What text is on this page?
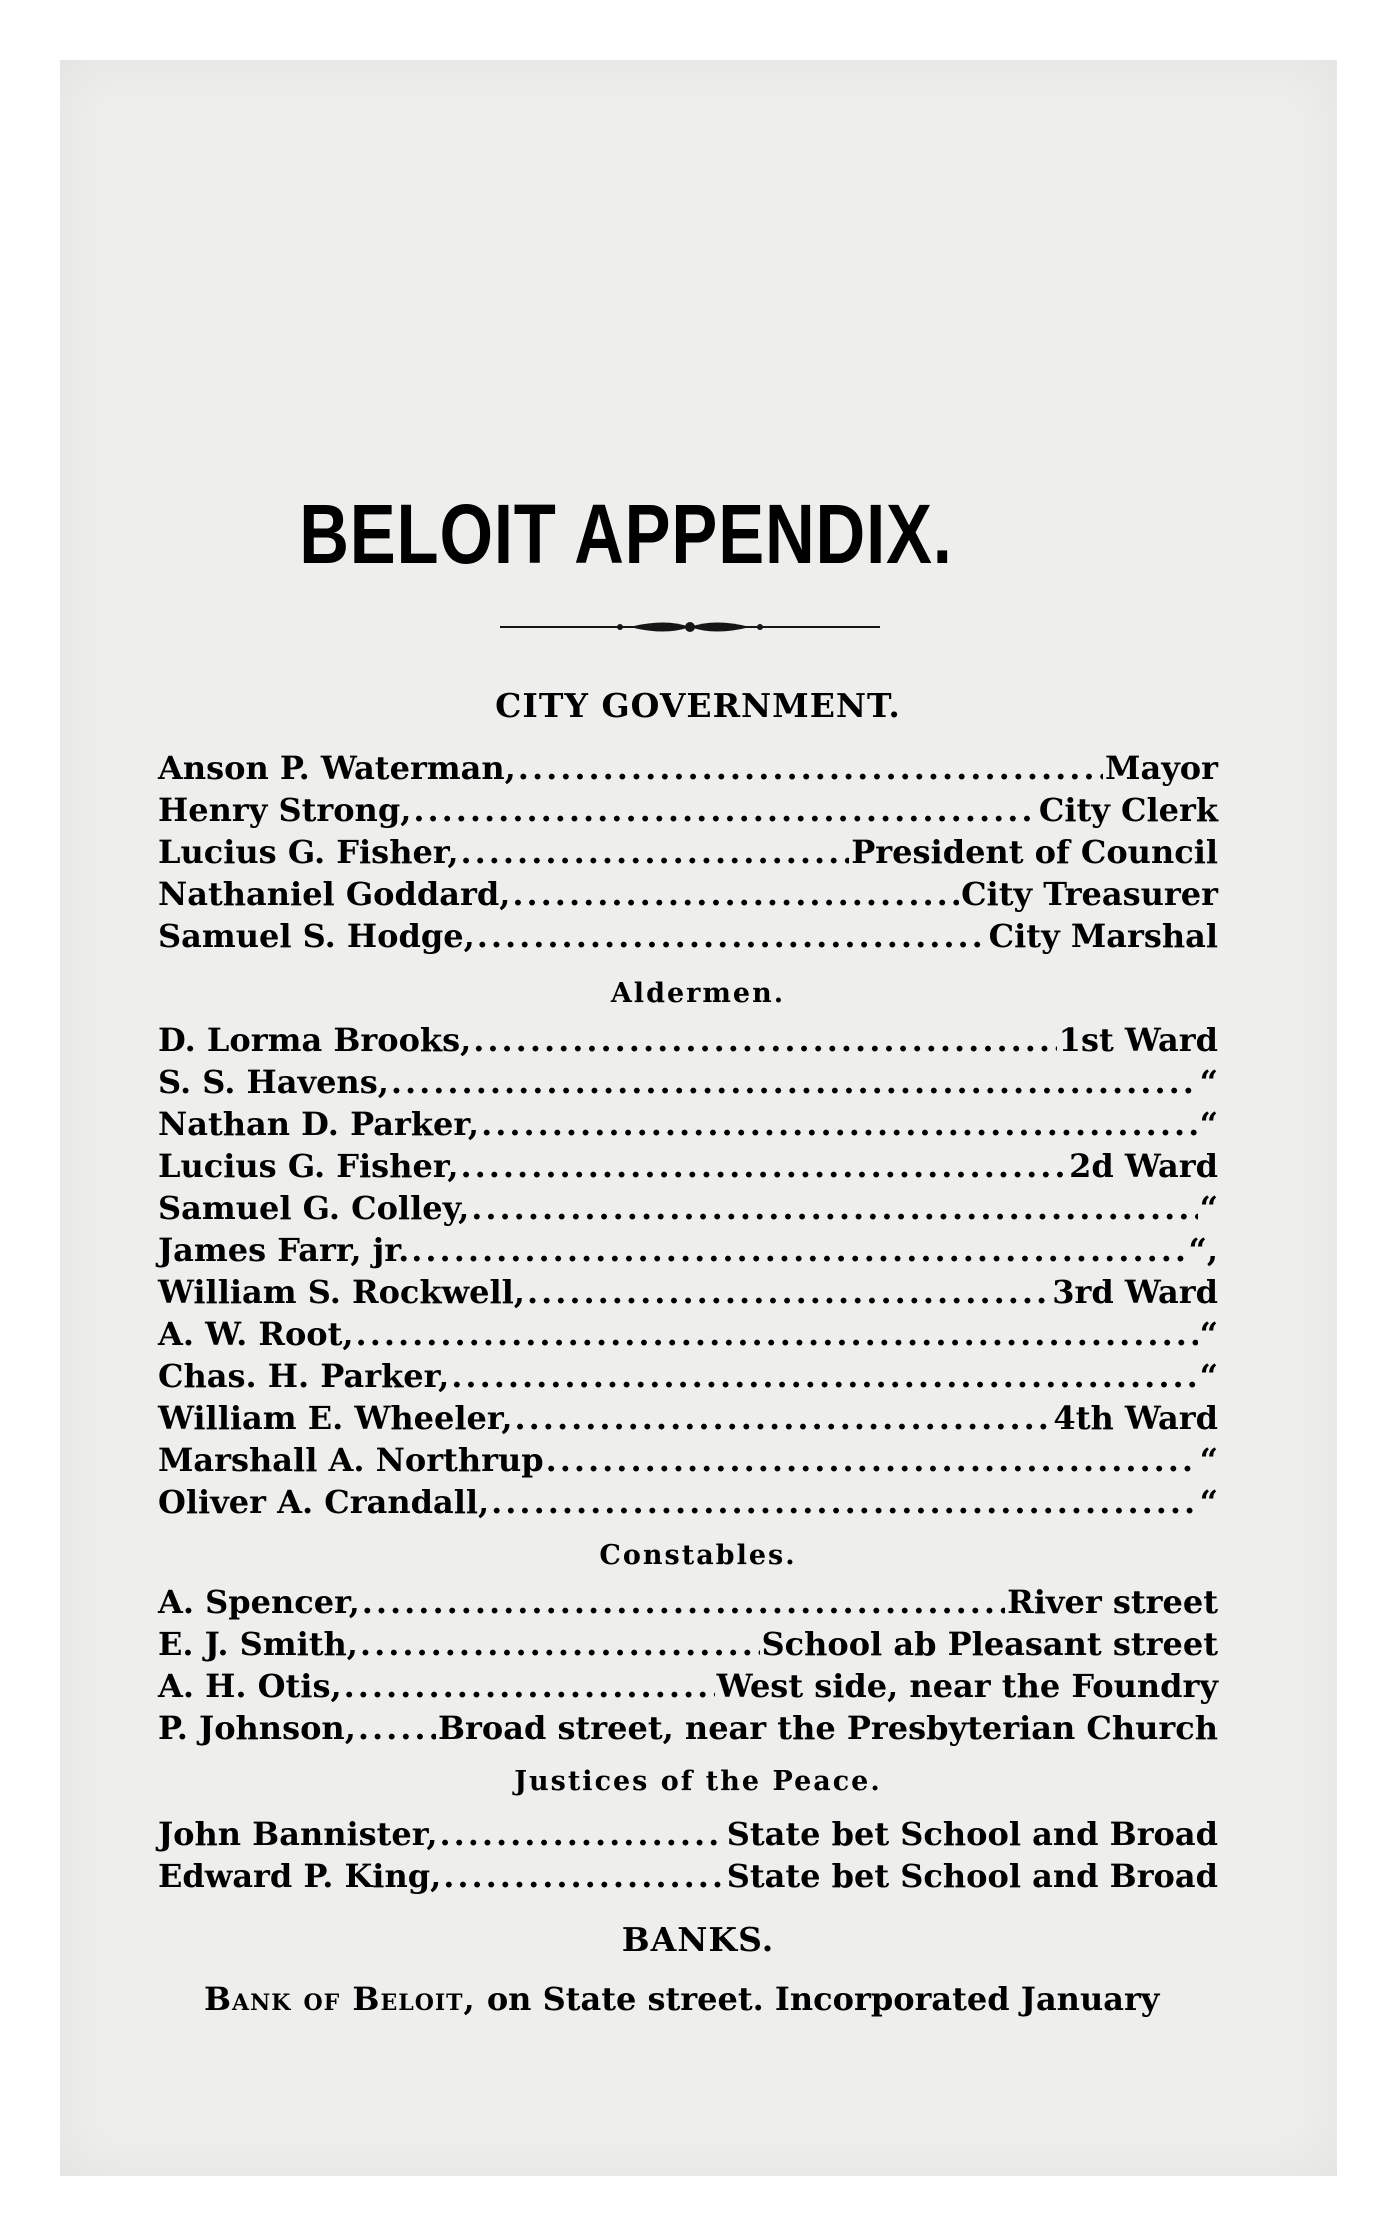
BELOIT APPENDIX.
CITY GOVERNMENT.
Anson P. Waterman, .....	Mayor
Henry Strong, .....	City Clerk
Lucius G. Fisher, .....	President of Council
Nathaniel Goddard, .....	City Treasurer
Samuel S. Hodge, .....	City Marshal
Aldermen.
D. Lorma Brooks, .....	1st Ward
S. S. Havens, .....	“
Nathan D. Parker, .....	“
Lucius G. Fisher, .....	2d Ward
Samuel G. Colley, .....	“
James Farr, jr. .....	“,
William S. Rockwell, .....	3rd Ward
A. W. Root, .....	“
Chas. H. Parker, .....	“
William E. Wheeler, .....	4th Ward
Marshall A. Northrup .....	“
Oliver A. Crandall, .....	“
Constables.
A. Spencer, .....	River street
E. J. Smith, .....	School ab Pleasant street
A. H. Otis, .....	West side, near the Foundry
P. Johnson, .....	Broad street, near the Presbyterian Church
Justices of the Peace.
John Bannister, .....	State bet School and Broad
Edward P. King, .....	State bet School and Broad
BANKS.
Bank of Beloit, on State street. Incorporated January
